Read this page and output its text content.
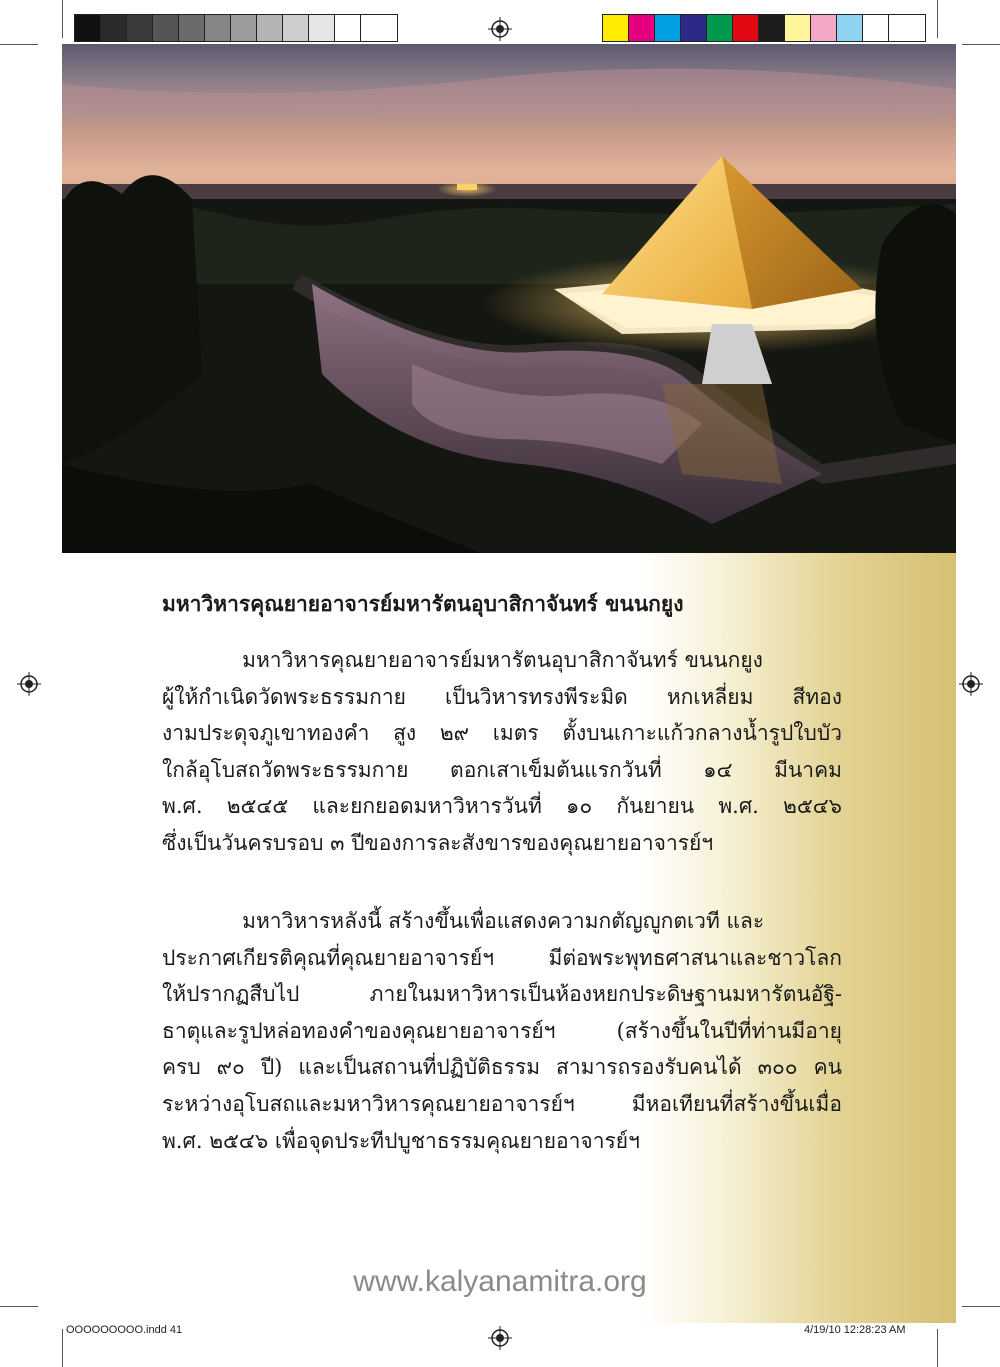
มหาวิหารคุณยายอาจารย์มหารัตนอุบาสิกาจันทร์ ขนนกยูง
มหาวิหารคุณยายอาจารย์มหารัตนอุบาสิกาจันทร์ ขนนกยูง
ผู้ให้กำเนิดวัดพระธรรมกาย เป็นวิหารทรงพีระมิด หกเหลี่ยม สีทอง
งามประดุจภูเขาทองคำ สูง ๒๙ เมตร ตั้งบนเกาะแก้วกลางน้ำรูปใบบัว
ใกล้อุโบสถวัดพระธรรมกาย ตอกเสาเข็มต้นแรกวันที่ ๑๔ มีนาคม
พ.ศ. ๒๕๔๕ และยกยอดมหาวิหารวันที่ ๑๐ กันยายน พ.ศ. ๒๕๔๖
ซึ่งเป็นวันครบรอบ ๓ ปีของการละสังขารของคุณยายอาจารย์ฯ
มหาวิหารหลังนี้ สร้างขึ้นเพื่อแสดงความกตัญญูกตเวที และ
ประกาศเกียรติคุณที่คุณยายอาจารย์ฯ มีต่อพระพุทธศาสนาและชาวโลก
ให้ปรากฏสืบไป ภายในมหาวิหารเป็นห้องหยกประดิษฐานมหารัตนอัฐิ-
ธาตุและรูปหล่อทองคำของคุณยายอาจารย์ฯ (สร้างขึ้นในปีที่ท่านมีอายุ
ครบ ๙๐ ปี) และเป็นสถานที่ปฏิบัติธรรม สามารถรองรับคนได้ ๓๐๐ คน
ระหว่างอุโบสถและมหาวิหารคุณยายอาจารย์ฯ มีหอเทียนที่สร้างขึ้นเมื่อ
พ.ศ. ๒๕๔๖ เพื่อจุดประทีปบูชาธรรมคุณยายอาจารย์ฯ
www.kalyanamitra.org
ΟΟΟΟΟΟΟΟΟ.indd 41	4/19/10 12:28:23 AM
